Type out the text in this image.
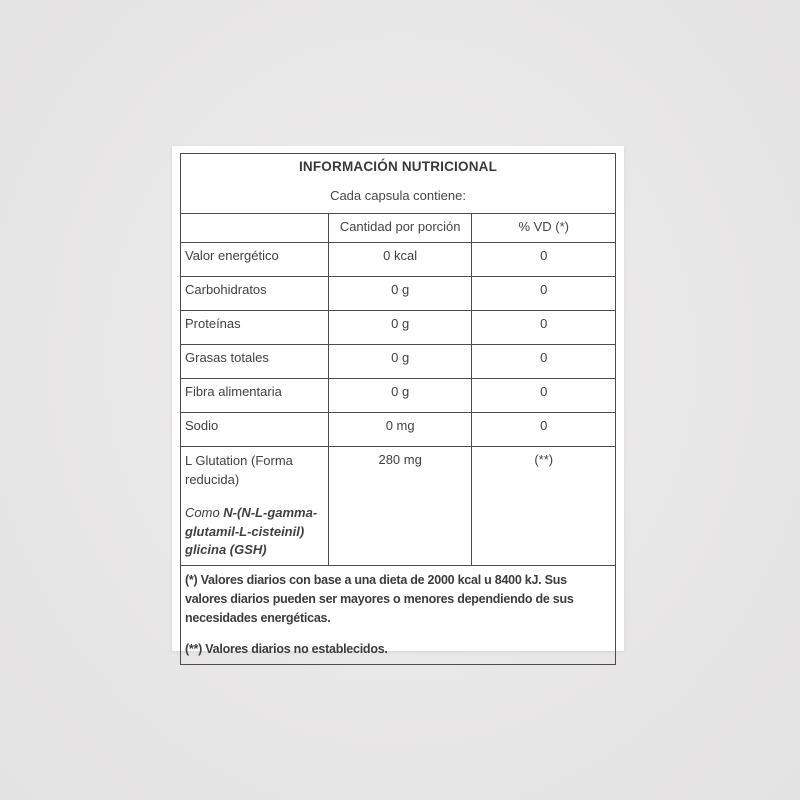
INFORMACIÓN NUTRICIONAL
Cada capsula contiene:		

	Cantidad por porción	% VD (*)
Valor energético	0 kcal	0
Carbohidratos	0 g	0
Proteínas	0 g	0
Grasas totales	0 g	0
Fibra alimentaria	0 g	0
Sodio	0 mg	0

L Glutation (Forma reducida)
Como N-(N-L-gamma-glutamil-L-cisteinil) glicina (GSH)	280 mg	(**)

(*) Valores diarios con base a una dieta de 2000 kcal u 8400 kJ. Sus valores diarios pueden ser mayores o menores dependiendo de sus necesidades energéticas.

(**) Valores diarios no establecidos.		
